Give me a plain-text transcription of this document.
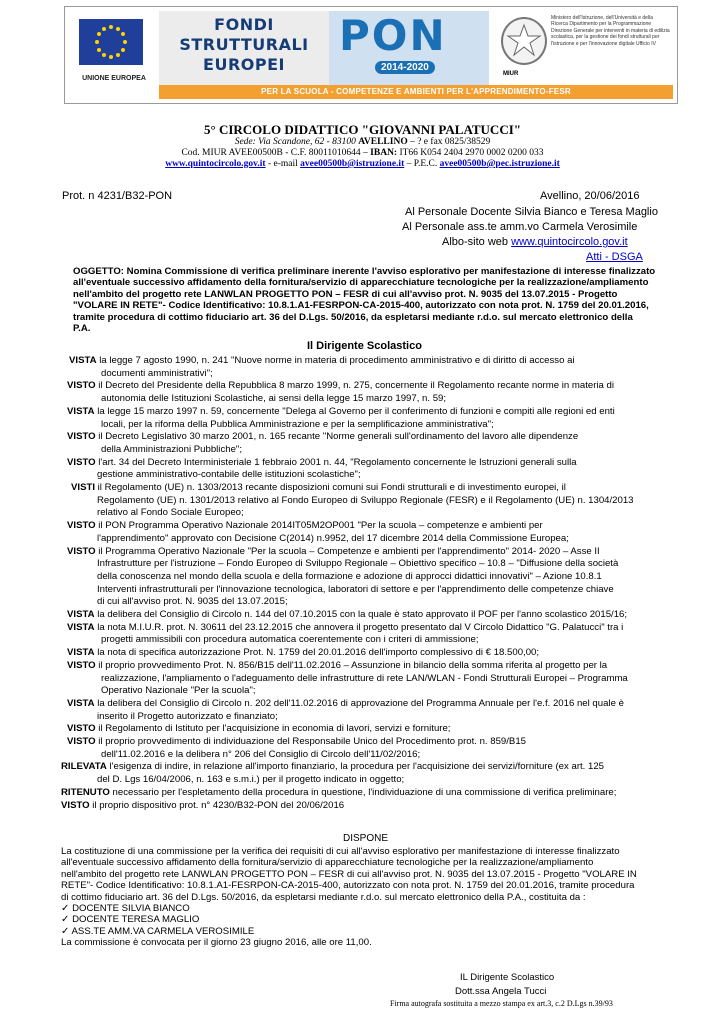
UNIONE EUROPEA
FONDI
STRUTTURALI
EUROPEI
PON
2014-2020
MIUR
Ministero dell'Istruzione, dell'Università e della Ricerca Dipartimento per la Programmazione Direzione Generale per interventi in materia di edilizia scolastica, per la gestione dei fondi strutturali per l'istruzione e per l'innovazione digitale Ufficio IV
PER LA SCUOLA - COMPETENZE E AMBIENTI PER L'APPRENDIMENTO-FESR
5° CIRCOLO DIDATTICO "GIOVANNI PALATUCCI"
Sede: Via Scandone, 62 - 83100 AVELLINO – ? e fax 0825/38529
Cod. MIUR AVEE00500B - C.F. 80011010644 – IBAN: IT66 K054 2404 2970 0002 0200 033
www.quintocircolo.gov.it - e-mail avee00500b@istruzione.it – P.E.C. avee00500b@pec.istruzione.it
Prot. n 4231/B32-PON	Avellino, 20/06/2016
Al Personale Docente Silvia Bianco e Teresa Maglio
Al Personale ass.te amm.vo Carmela Verosimile
Albo-sito web www.quintocircolo.gov.it
Atti - DSGA
OGGETTO: Nomina Commissione di verifica preliminare inerente l'avviso esplorativo per manifestazione di interesse finalizzato
all'eventuale successivo affidamento della fornitura/servizio di apparecchiature tecnologiche per la realizzazione/ampliamento
nell'ambito del progetto rete LANWLAN PROGETTO PON – FESR di cui all'avviso prot. N. 9035 del 13.07.2015 - Progetto
"VOLARE IN RETE"- Codice Identificativo: 10.8.1.A1-FESRPON-CA-2015-400, autorizzato con nota prot. N. 1759 del 20.01.2016,
tramite procedura di cottimo fiduciario art. 36 del D.Lgs. 50/2016, da espletarsi mediante r.d.o. sul mercato elettronico della
P.A.
Il Dirigente Scolastico
VISTA la legge 7 agosto 1990, n. 241 "Nuove norme in materia di procedimento amministrativo e di diritto di accesso ai
documenti amministrativi";
VISTO il Decreto del Presidente della Repubblica 8 marzo 1999, n. 275, concernente il Regolamento recante norme in materia di
autonomia delle Istituzioni Scolastiche, ai sensi della legge 15 marzo 1997, n. 59;
VISTA la legge 15 marzo 1997 n. 59, concernente "Delega al Governo per il conferimento di funzioni e compiti alle regioni ed enti
locali, per la riforma della Pubblica Amministrazione e per la semplificazione amministrativa";
VISTO il Decreto Legislativo 30 marzo 2001, n. 165 recante "Norme generali sull'ordinamento del lavoro alle dipendenze
della Amministrazioni Pubbliche";
VISTO l'art. 34 del Decreto Interministeriale 1 febbraio 2001 n. 44, "Regolamento concernente le Istruzioni generali sulla
gestione amministrativo-contabile delle istituzioni scolastiche";
VISTI il Regolamento (UE) n. 1303/2013 recante disposizioni comuni sui Fondi strutturali e di investimento europei, il
Regolamento (UE) n. 1301/2013 relativo al Fondo Europeo di Sviluppo Regionale (FESR) e il Regolamento (UE) n. 1304/2013
relativo al Fondo Sociale Europeo;
VISTO il PON Programma Operativo Nazionale 2014IT05M2OP001 "Per la scuola – competenze e ambienti per
l'apprendimento" approvato con Decisione C(2014) n.9952, del 17 dicembre 2014 della Commissione Europea;
VISTO il Programma Operativo Nazionale "Per la scuola – Competenze e ambienti per l'apprendimento" 2014- 2020 – Asse II
Infrastrutture per l'istruzione – Fondo Europeo di Sviluppo Regionale – Obiettivo specifico – 10.8 – "Diffusione della società
della conoscenza nel mondo della scuola e della formazione e adozione di approcci didattici innovativi" – Azione 10.8.1
Interventi infrastrutturali per l'innovazione tecnologica, laboratori di settore e per l'apprendimento delle competenze chiave
di cui all'avviso prot. N. 9035 del 13.07.2015;
VISTA la delibera del Consiglio di Circolo n. 144 del 07.10.2015 con la quale è stato approvato il POF per l'anno scolastico 2015/16;
VISTA la nota M.I.U.R. prot. N. 30611 del 23.12.2015 che annovera il progetto presentato dal V Circolo Didattico "G. Palatucci" tra i
progetti ammissibili con procedura automatica coerentemente con i criteri di ammissione;
VISTA la nota di specifica autorizzazione Prot. N. 1759 del 20.01.2016 dell'importo complessivo di € 18.500,00;
VISTO il proprio provvedimento Prot. N. 856/B15 dell'11.02.2016 – Assunzione in bilancio della somma riferita al progetto per la
realizzazione, l'ampliamento o l'adeguamento delle infrastrutture di rete LAN/WLAN - Fondi Strutturali Europei – Programma
Operativo Nazionale "Per la scuola";
VISTA la delibera del Consiglio di Circolo n. 202 dell'11.02.2016 di approvazione del Programma Annuale per l'e.f. 2016 nel quale è
inserito il Progetto autorizzato e finanziato;
VISTO il Regolamento di Istituto per l'acquisizione in economia di lavori, servizi e forniture;
VISTO il proprio provvedimento di individuazione del Responsabile Unico del Procedimento prot. n. 859/B15
dell'11.02.2016 e la delibera n° 206 del Consiglio di Circolo dell'11/02/2016;
RILEVATA l'esigenza di indire, in relazione all'importo finanziario, la procedura per l'acquisizione dei servizi/forniture (ex art. 125
del D. Lgs 16/04/2006, n. 163 e s.m.i.) per il progetto indicato in oggetto;
RITENUTO necessario per l'espletamento della procedura in questione, l'individuazione di una commissione di verifica preliminare;
VISTO il proprio dispositivo prot. n° 4230/B32-PON del 20/06/2016
DISPONE
La costituzione di una commissione per la verifica dei requisiti di cui all'avviso esplorativo per manifestazione di interesse finalizzato
all'eventuale successivo affidamento della fornitura/servizio di apparecchiature tecnologiche per la realizzazione/ampliamento
nell'ambito del progetto rete LANWLAN PROGETTO PON – FESR di cui all'avviso prot. N. 9035 del 13.07.2015 - Progetto "VOLARE IN
RETE"- Codice Identificativo: 10.8.1.A1-FESRPON-CA-2015-400, autorizzato con nota prot. N. 1759 del 20.01.2016, tramite procedura
di cottimo fiduciario art. 36 del D.Lgs. 50/2016, da espletarsi mediante r.d.o. sul mercato elettronico della P.A., costituita da :
✓ DOCENTE SILVIA BIANCO
✓ DOCENTE TERESA MAGLIO
✓ ASS.TE AMM.VA CARMELA VEROSIMILE
La commissione è convocata per il giorno 23 giugno 2016, alle ore 11,00.
IL Dirigente Scolastico
Dott.ssa Angela Tucci
Firma autografa sostituita a mezzo stampa ex art.3, c.2 D.Lgs n.39/93
